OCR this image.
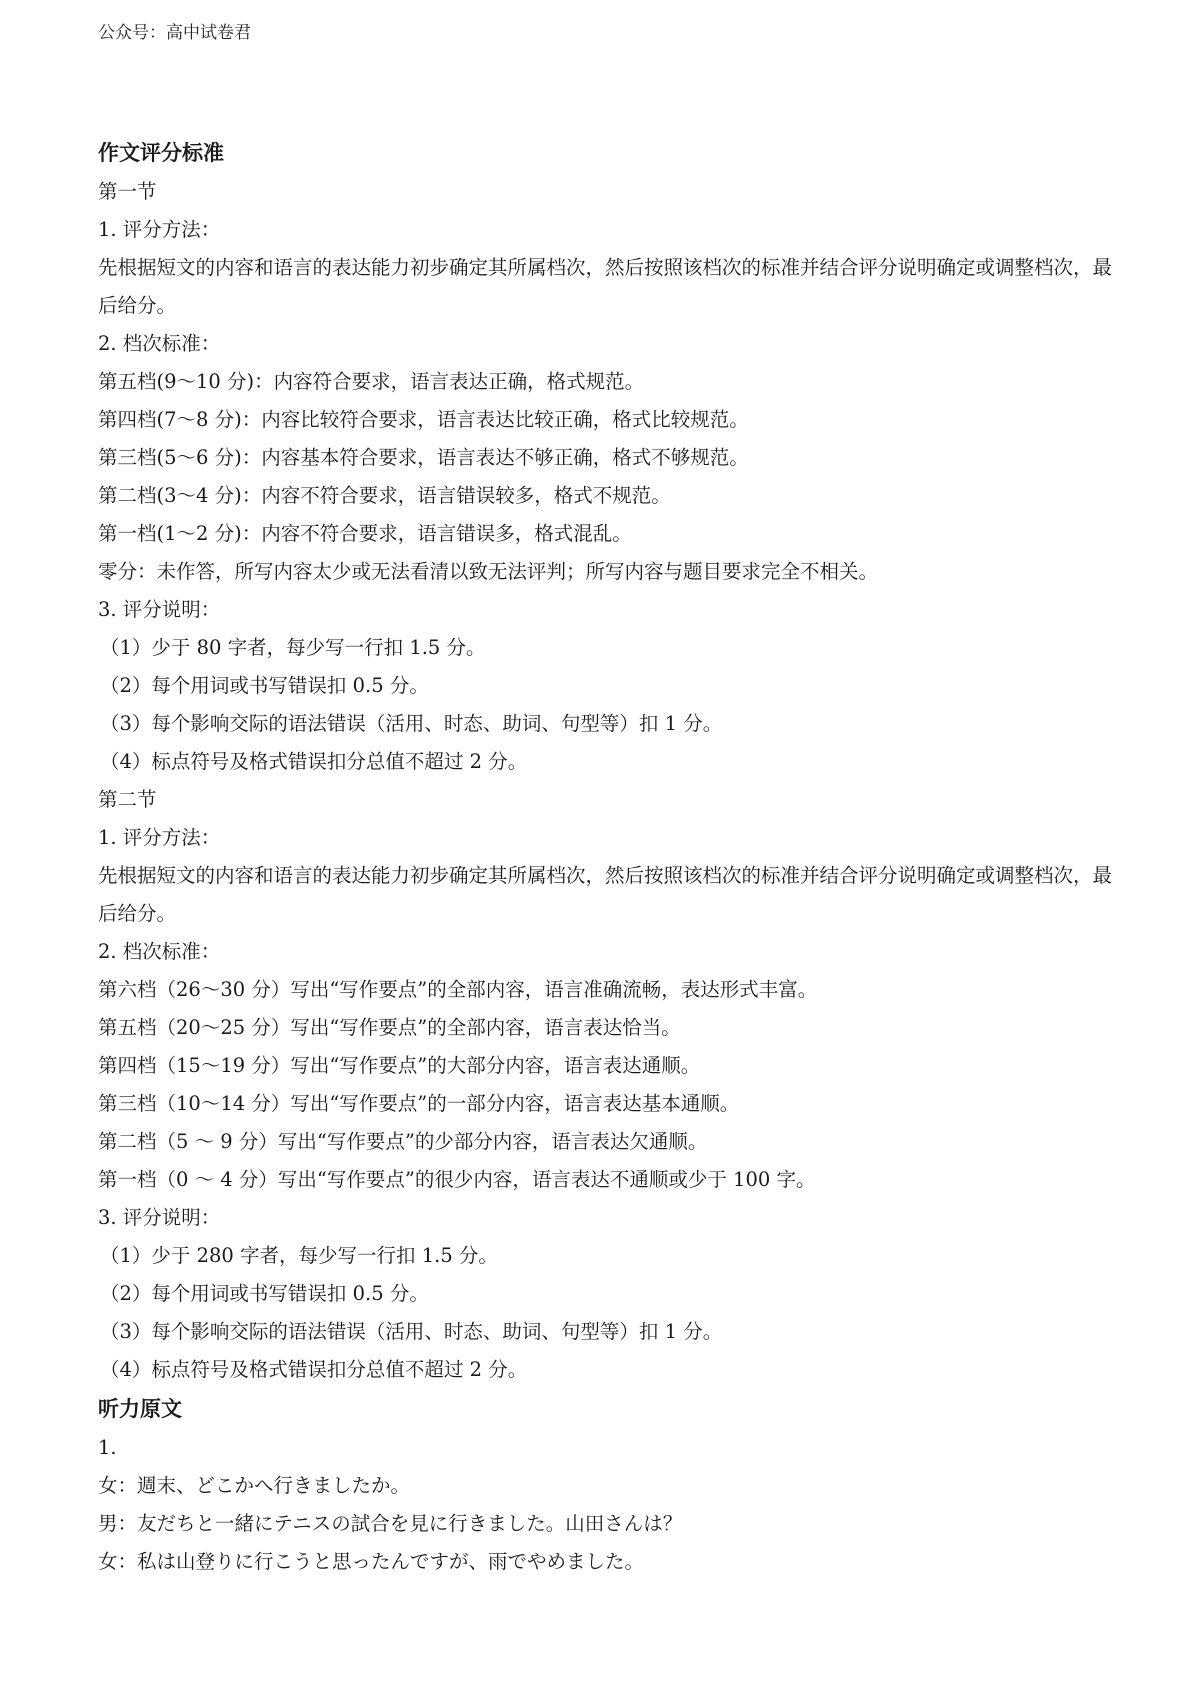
公众号：高中试卷君
作文评分标准
第一节
1. 评分方法：
先根据短文的内容和语言的表达能力初步确定其所属档次，然后按照该档次的标准并结合评分说明确定或调整档次，最后给分。
2. 档次标准：
第五档(9～10 分)：内容符合要求，语言表达正确，格式规范。
第四档(7～8 分)：内容比较符合要求，语言表达比较正确，格式比较规范。
第三档(5～6 分)：内容基本符合要求，语言表达不够正确，格式不够规范。
第二档(3～4 分)：内容不符合要求，语言错误较多，格式不规范。
第一档(1～2 分)：内容不符合要求，语言错误多，格式混乱。
零分：未作答，所写内容太少或无法看清以致无法评判；所写内容与题目要求完全不相关。
3. 评分说明：
（1）少于 80 字者，每少写一行扣 1.5 分。
（2）每个用词或书写错误扣 0.5 分。
（3）每个影响交际的语法错误（活用、时态、助词、句型等）扣 1 分。
（4）标点符号及格式错误扣分总值不超过 2 分。
第二节
1. 评分方法：
先根据短文的内容和语言的表达能力初步确定其所属档次，然后按照该档次的标准并结合评分说明确定或调整档次，最后给分。
2. 档次标准：
第六档（26～30 分）写出“写作要点”的全部内容，语言准确流畅，表达形式丰富。
第五档（20～25 分）写出“写作要点”的全部内容，语言表达恰当。
第四档（15～19 分）写出“写作要点”的大部分内容，语言表达通顺。
第三档（10～14 分）写出“写作要点”的一部分内容，语言表达基本通顺。
第二档（5 ～ 9 分）写出“写作要点”的少部分内容，语言表达欠通顺。
第一档（0 ～ 4 分）写出“写作要点”的很少内容，语言表达不通顺或少于 100 字。
3. 评分说明：
（1）少于 280 字者，每少写一行扣 1.5 分。
（2）每个用词或书写错误扣 0.5 分。
（3）每个影响交际的语法错误（活用、时态、助词、句型等）扣 1 分。
（4）标点符号及格式错误扣分总值不超过 2 分。
听力原文
1.
女：週末、どこかへ行きましたか。
男：友だちと一緒にテニスの試合を見に行きました。山田さんは？
女：私は山登りに行こうと思ったんですが、雨でやめました。
